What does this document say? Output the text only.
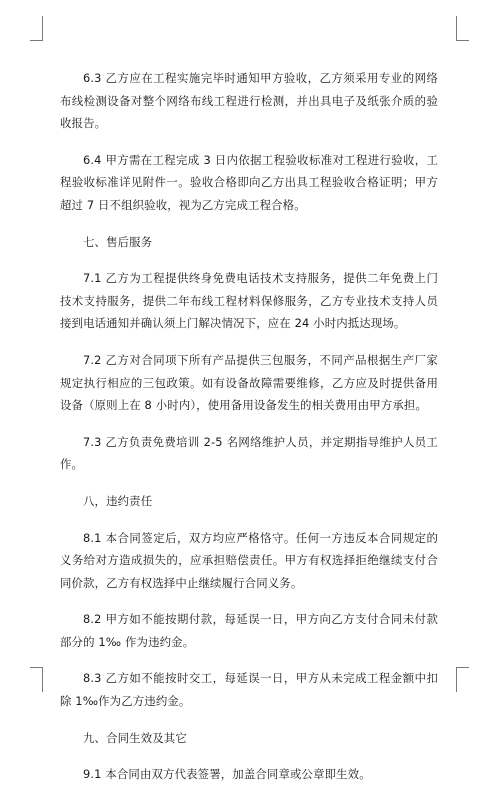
6.3 乙方应在工程实施完毕时通知甲方验收，乙方须采用专业的网络布线检测设备对整个网络布线工程进行检测，并出具电子及纸张介质的验收报告。

6.4 甲方需在工程完成 3 日内依据工程验收标准对工程进行验收，工程验收标准详见附件一。验收合格即向乙方出具工程验收合格证明；甲方超过 7 日不组织验收，视为乙方完成工程合格。

七、售后服务

7.1 乙方为工程提供终身免费电话技术支持服务，提供二年免费上门技术支持服务，提供二年布线工程材料保修服务，乙方专业技术支持人员接到电话通知并确认须上门解决情况下，应在 24 小时内抵达现场。

7.2 乙方对合同项下所有产品提供三包服务，不同产品根据生产厂家规定执行相应的三包政策。如有设备故障需要维修，乙方应及时提供备用设备（原则上在 8 小时内），使用备用设备发生的相关费用由甲方承担。

7.3 乙方负责免费培训 2-5 名网络维护人员，并定期指导维护人员工作。

八，违约责任

8.1 本合同签定后，双方均应严格恪守。任何一方违反本合同规定的义务给对方造成损失的，应承担赔偿责任。甲方有权选择拒绝继续支付合同价款，乙方有权选择中止继续履行合同义务。

8.2 甲方如不能按期付款，每延误一日，甲方向乙方支付合同未付款部分的 1‰ 作为违约金。

8.3 乙方如不能按时交工，每延误一日，甲方从未完成工程金额中扣除 1‰作为乙方违约金。

九、合同生效及其它

9.1 本合同由双方代表签署，加盖合同章或公章即生效。
